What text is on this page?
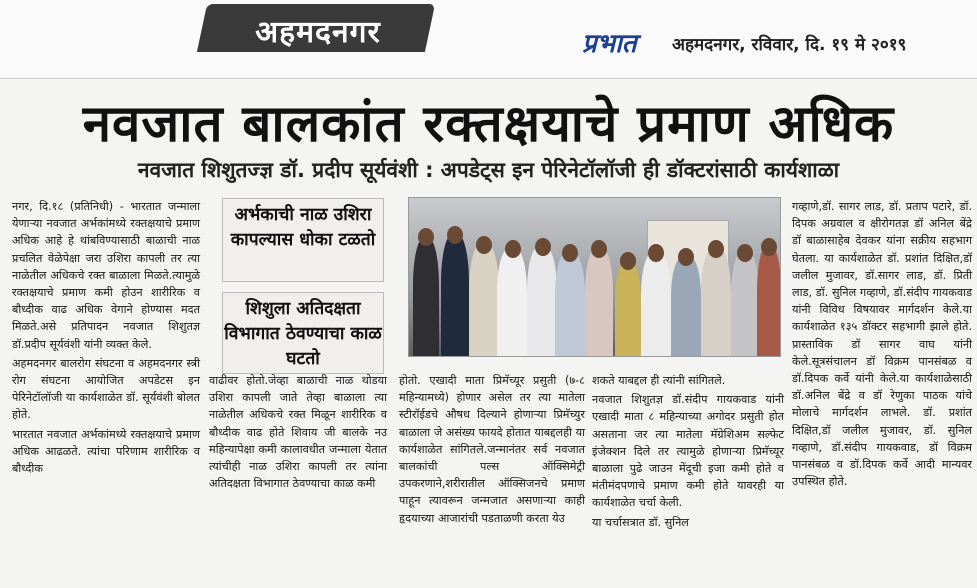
अहमदनगर	प्रभात अहमदनगर, रविवार, दि. १९ मे २०१९
नवजात बालकांत रक्तक्षयाचे प्रमाण अधिक
नवजात शिशुतज्ज्ञ डॉ. प्रदीप सूर्यवंशी : अपडेट्स इन पेरिनेटॉलॉजी ही डॉक्टरांसाठी कार्यशाळा

नगर, दि.१८ (प्रतिनिधी) - भारतात जन्माला येणाऱ्या नवजात अर्भकांमध्ये रक्तक्षयाचे प्रमाण अधिक आहे हे थांबविण्यासाठी बाळाची नाळ प्रचलित वेळेपेक्षा जरा उशिरा कापली तर त्या नाळेतील अधिकचे रक्त बाळाला मिळते.त्यामुळे रक्तक्षयाचे प्रमाण कमी होउन शारीरिक व बौध्दीक वाढ अधिक वेगाने होण्यास मदत मिळते.असे प्रतिपादन नवजात शिशुतज्ञ डॉ.प्रदीप सूर्यवंशी यांनी व्यक्त केले.

अहमदनगर बालरोग संघटना व अहमदनगर स्त्री रोग संघटना आयोजित अपडेटस इन पेरिनेटॉलॉजी या कार्यशाळेत डॉ. सूर्यवंशी बोलत होते.

भारतात नवजात अर्भकांमध्ये रक्तक्षयाचे प्रमाण अधिक आढळते. त्यांचा परिणाम शारीरिक व बौध्दीक

अर्भकाची नाळ उशिरा कापल्यास धोका टळतो
शिशुला अतिदक्षता विभागात ठेवण्याचा काळ घटतो

वाढीवर होतो.जेव्हा बाळाची नाळ थोडया उशिरा कापली जाते तेव्हा बाळाला त्या नाळेतील अधिकचे रक्त मिळून शारीरिक व बौध्दीक वाढ होते शिवाय जी बालके नउ महिन्यापेक्षा कमी कालावधीत जन्माला येतात त्यांचीही नाळ उशिरा कापली तर त्यांना अतिदक्षता विभागात ठेवण्याचा काळ कमी

होतो. एखादी माता प्रिमॅच्यूर प्रसुती (७-८ महिन्यामध्ये) होणार असेल तर त्या मातेला स्टीरॉईडचे औषध दिल्याने होणाऱ्या प्रिमॅच्युर बाळाला जे असंख्य फायदे होतात याबद्दलही या कार्यशाळेत सांगितले.जन्मानंतर सर्व नवजात बालकांची पल्स ऑक्सिमेट्री उपकरणाने,शरीरातील ऑक्सिजनचे प्रमाण पाहून त्यावरून जन्मजात असणाऱ्या काही हृदयाच्या आजारांची पडताळणी करता येउ

शकते याबद्दल ही त्यांनी सांगितले.

नवजात शिशुतज्ञ डॉ.संदीप गायकवाड यांनी एखादी माता ८ महिन्याच्या अगोदर प्रसुती होत असताना जर त्या मातेला मॅग्रेशिअम सल्फेट इंजेक्शन दिले तर त्यामुळे होणाऱ्या प्रिमॅच्यूर बाळाला पुढे जाउन मेंदूची इजा कमी होते व मंतीमंदपणाचे प्रमाण कमी होते यावरही या कार्यशाळेत चर्चा केली.

या चर्चासत्रात डॉ. सुनिल

गव्हाणे,डॉ. सागर लाड, डॉ. प्रताप पटारे, डॉ. दिपक अग्रवाल व क्षीरोगतज्ञ डॉ अनिल बेंद्रे डॉ बाळासाहेब देवकर यांना सक्रीय सहभाग घेतला. या कार्यशाळेत डॉ. प्रशांत दिक्षित,डॉ जलील मुजावर, डॉ.सागर लाड, डॉ. प्रिती लाड, डॉ. सुनिल गव्हाणे, डॉ.संदीप गायकवाड यांनी विविध विषयावर मार्गदर्शन केले.या कार्यशाळेत १३५ डॉक्टर सहभागी झाले होते. प्रास्ताविक डॉ सागर वाघ यांनी केले.सूत्रसंचालन डॉ विक्रम पानसंबळ व डॉ.दिपक कर्वे यांनी केले.या कार्यशाळेसाठी डॉ.अनिल बेंद्रे व डॉ रेणुका पाठक यांचे मोलाचे मार्गदर्शन लाभले. डॉ. प्रशांत दिक्षित,डॉ जलील मुजावर, डॉ. सुनिल गव्हाणे, डॉ.संदीप गायकवाड, डॉ विक्रम पानसंबळ व डॉ.दिपक कर्वे आदी मान्यवर उपस्थित होते.
